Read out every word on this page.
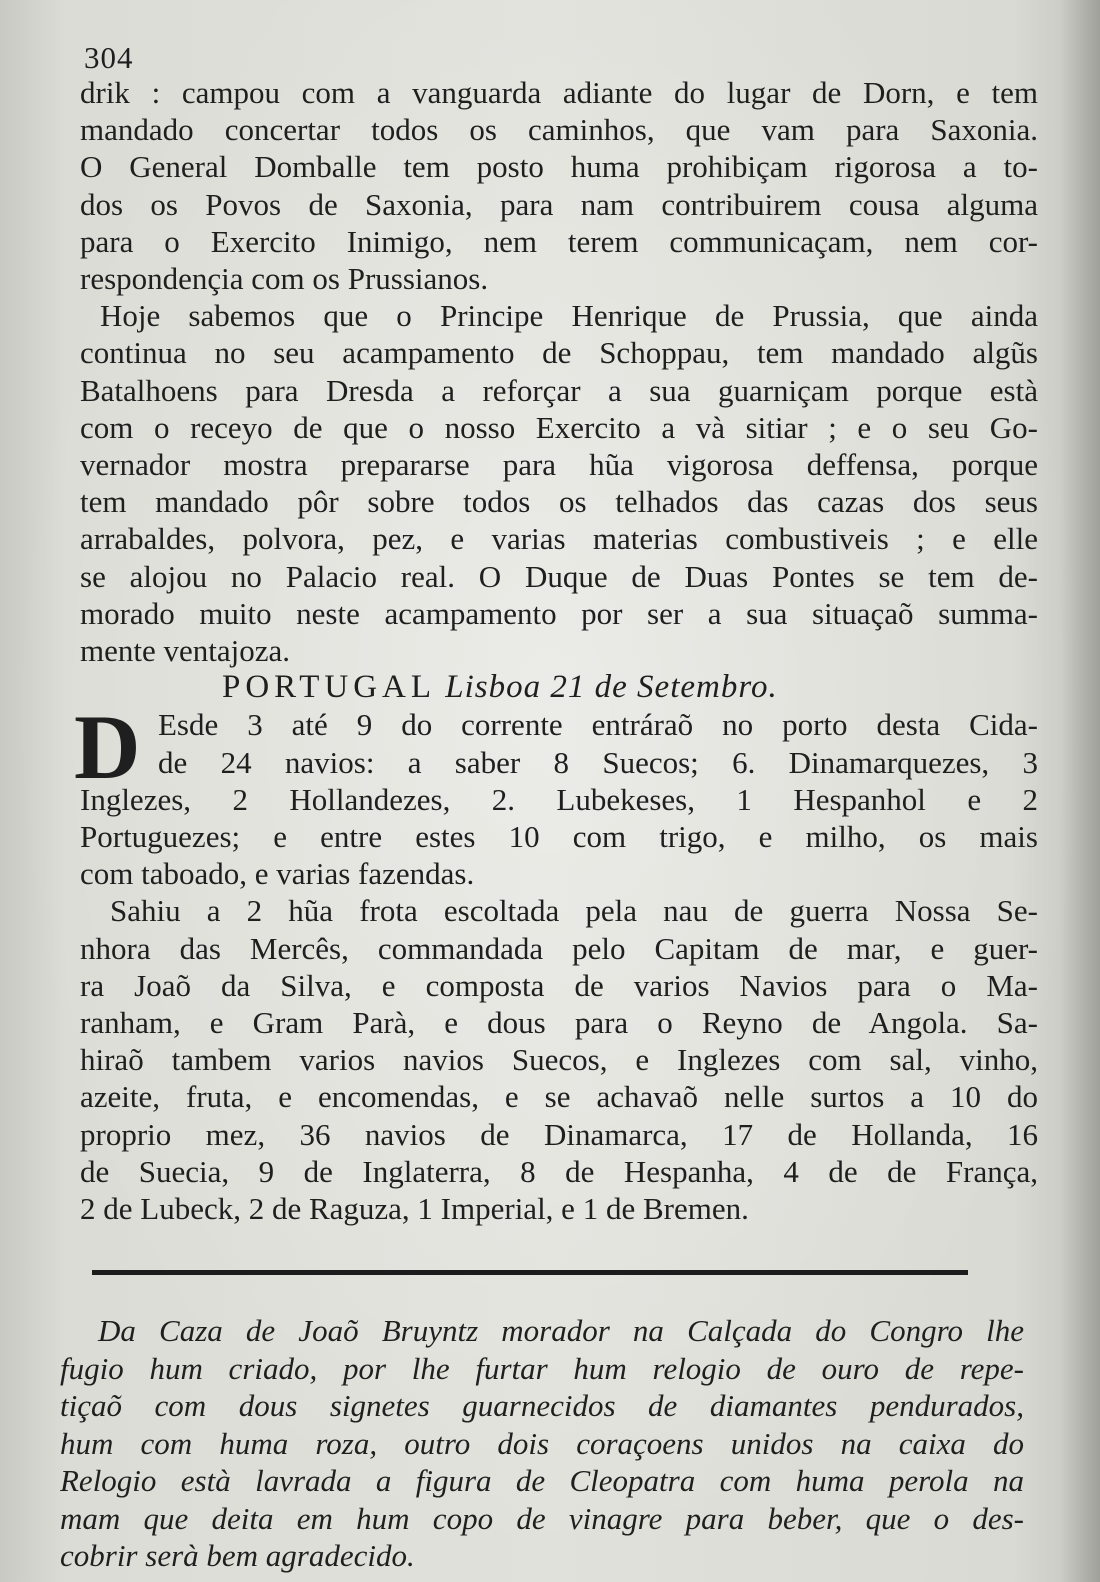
304
drik : campou com a vanguarda adiante do lugar de Dorn, e tem
mandado concertar todos os caminhos, que vam para Saxonia.
O General Domballe tem posto huma prohibiçam rigorosa a to-
dos os Povos de Saxonia, para nam contribuirem cousa alguma
para o Exercito Inimigo, nem terem communicaçam, nem cor-
respondençia com os Prussianos.
Hoje sabemos que o Principe Henrique de Prussia, que ainda
continua no seu acampamento de Schoppau, tem mandado algũs
Batalhoens para Dresda a reforçar a sua guarniçam porque està
com o receyo de que o nosso Exercito a và sitiar ; e o seu Go-
vernador mostra prepararse para hũa vigorosa deffensa, porque
tem mandado pôr sobre todos os telhados das cazas dos seus
arrabaldes, polvora, pez, e varias materias combustiveis ; e elle
se alojou no Palacio real. O Duque de Duas Pontes se tem de-
morado muito neste acampamento por ser a sua situaçaõ summa-
mente ventajoza.
PORTUGAL Lisboa 21 de Setembro.
D Esde 3 até 9 do corrente entráraõ no porto desta Cida-
de 24 navios: a saber 8 Suecos; 6. Dinamarquezes, 3
Inglezes, 2 Hollandezes, 2. Lubekeses, 1 Hespanhol e 2
Portuguezes; e entre estes 10 com trigo, e milho, os mais
com taboado, e varias fazendas.
Sahiu a 2 hũa frota escoltada pela nau de guerra Nossa Se-
nhora das Mercês, commandada pelo Capitam de mar, e guer-
ra Joaõ da Silva, e composta de varios Navios para o Ma-
ranham, e Gram Parà, e dous para o Reyno de Angola. Sa-
hiraõ tambem varios navios Suecos, e Inglezes com sal, vinho,
azeite, fruta, e encomendas, e se achavaõ nelle surtos a 10 do
proprio mez, 36 navios de Dinamarca, 17 de Hollanda, 16
de Suecia, 9 de Inglaterra, 8 de Hespanha, 4 de de França,
2 de Lubeck, 2 de Raguza, 1 Imperial, e 1 de Bremen.
Da Caza de Joaõ Bruyntz morador na Calçada do Congro lhe
fugio hum criado, por lhe furtar hum relogio de ouro de repe-
tiçaõ com dous signetes guarnecidos de diamantes pendurados,
hum com huma roza, outro dois coraçoens unidos na caixa do
Relogio està lavrada a figura de Cleopatra com huma perola na
mam que deita em hum copo de vinagre para beber, que o des-
cobrir serà bem agradecido.
